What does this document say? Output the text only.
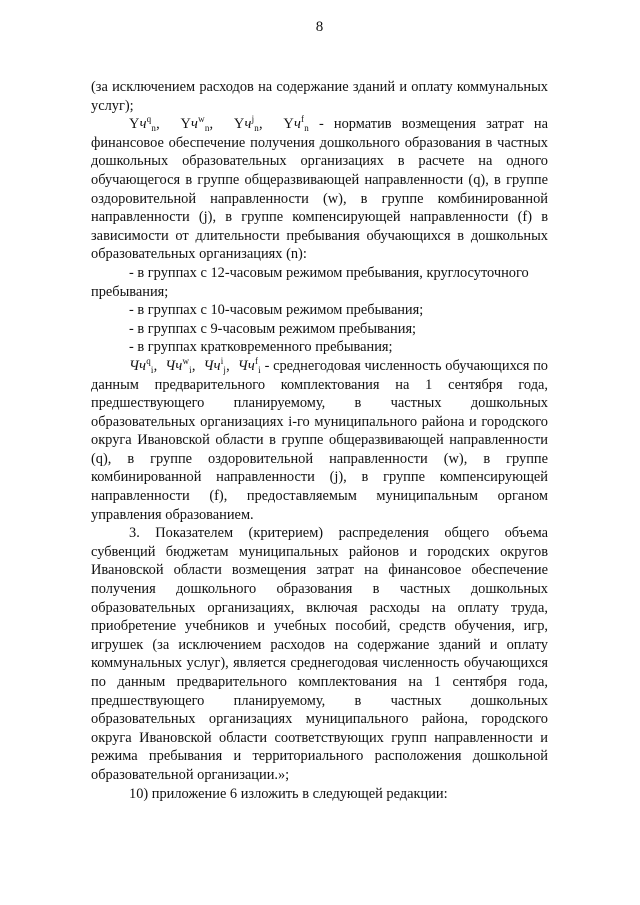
8

(за исключением расходов на содержание зданий и оплату коммунальных услуг);

$Үч^q_n$,  $Үч^w_n$,  $Үч^j_n$,  $Үч^f_n$ - норматив возмещения затрат на финансовое обеспечение получения дошкольного образования в частных дошкольных образовательных организациях в расчете на одного обучающегося в группе общеразвивающей направленности (q), в группе оздоровительной направленности (w), в группе комбинированной направленности (j), в группе компенсирующей направленности (f) в зависимости от длительности пребывания обучающихся в дошкольных образовательных организациях (n):

- в группах с 12-часовым режимом пребывания, круглосуточного пребывания;

- в группах с 10-часовым режимом пребывания;

- в группах с 9-часовым режимом пребывания;

- в группах кратковременного пребывания;

$Чч^q_i$,  $Чч^w_i$,  $Чч^i_j$,  $Чч^f_i$ - среднегодовая численность обучающихся по данным предварительного комплектования на 1 сентября года, предшествующего планируемому, в частных дошкольных образовательных организациях i-го муниципального района и городского округа Ивановской области в группе общеразвивающей направленности (q), в группе оздоровительной направленности (w), в группе комбинированной направленности (j), в группе компенсирующей направленности (f), предоставляемым муниципальным органом управления образованием.

3. Показателем (критерием) распределения общего объема субвенций бюджетам муниципальных районов и городских округов Ивановской области возмещения затрат на финансовое обеспечение получения дошкольного образования в частных дошкольных образовательных организациях, включая расходы на оплату труда, приобретение учебников и учебных пособий, средств обучения, игр, игрушек (за исключением расходов на содержание зданий и оплату коммунальных услуг), является среднегодовая численность обучающихся по данным предварительного комплектования на 1 сентября года, предшествующего планируемому, в частных дошкольных образовательных организациях муниципального района, городского округа Ивановской области соответствующих групп направленности и режима пребывания и территориального расположения дошкольной образовательной организации.»;

10) приложение 6 изложить в следующей редакции:
